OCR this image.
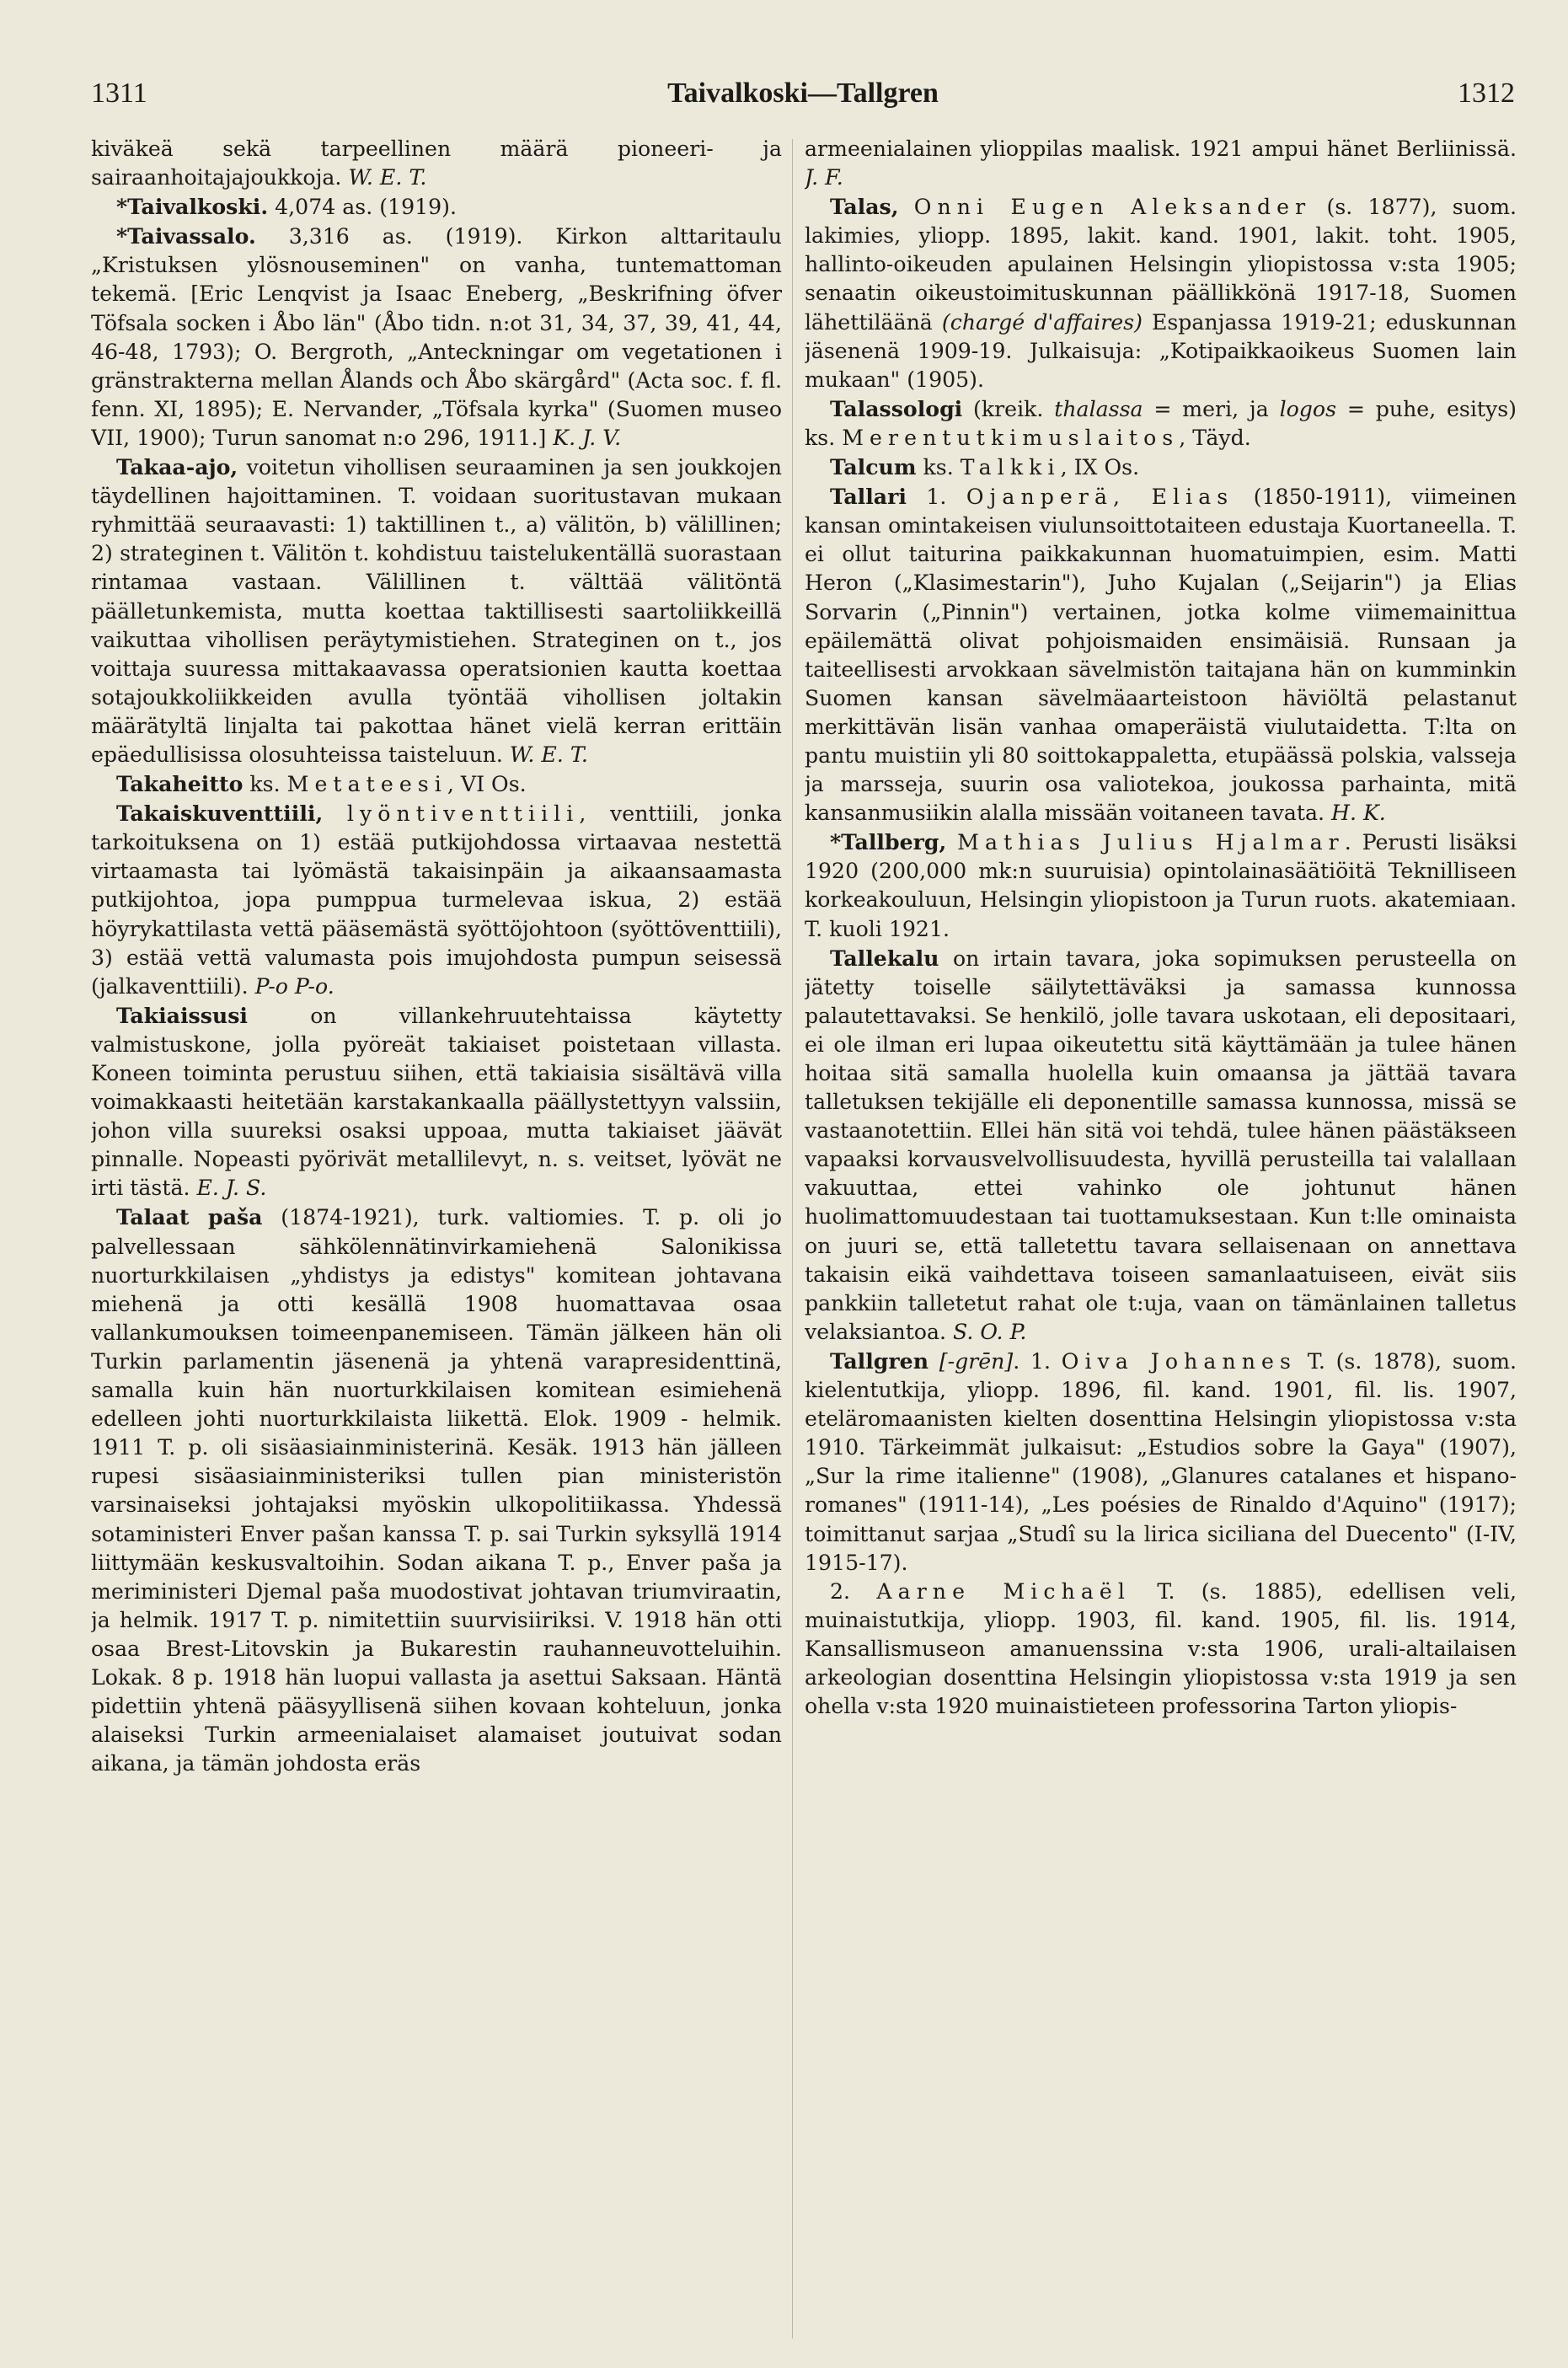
1311	Taivalkoski—Tallgren	1312

kiväkeä sekä tarpeellinen määrä pioneeri- ja sairaanhoitajajoukkoja. W. E. T.

*Taivalkoski. 4,074 as. (1919).

*Taivassalo. 3,316 as. (1919). Kirkon alttaritaulu „Kristuksen ylösnouseminen" on vanha, tuntemattoman tekemä. [Eric Lenqvist ja Isaac Eneberg, „Beskrifning öfver Töfsala socken i Åbo län" (Åbo tidn. n:ot 31, 34, 37, 39, 41, 44, 46-48, 1793); O. Bergroth, „Anteckningar om vegetationen i gränstrakterna mellan Ålands och Åbo skärgård" (Acta soc. f. fl. fenn. XI, 1895); E. Nervander, „Töfsala kyrka" (Suomen museo VII, 1900); Turun sanomat n:o 296, 1911.] K. J. V.

Takaa-ajo, voitetun vihollisen seuraaminen ja sen joukkojen täydellinen hajoittaminen. T. voidaan suoritustavan mukaan ryhmittää seuraavasti: 1) taktillinen t., a) välitön, b) välillinen; 2) strateginen t. Välitön t. kohdistuu taistelukentällä suorastaan rintamaa vastaan. Välillinen t. välttää välitöntä päälletunkemista, mutta koettaa taktillisesti saartoliikkeillä vaikuttaa vihollisen peräytymistiehen. Strateginen on t., jos voittaja suuressa mittakaavassa operatsionien kautta koettaa sotajoukkoliikkeiden avulla työntää vihollisen joltakin määrätyltä linjalta tai pakottaa hänet vielä kerran erittäin epäedullisissa olosuhteissa taisteluun. W. E. T.

Takaheitto ks. Metateesi, VI Os.

Takaiskuventtiili, lyöntiventtiili, venttiili, jonka tarkoituksena on 1) estää putkijohdossa virtaavaa nestettä virtaamasta tai lyömästä takaisinpäin ja aikaansaamasta putkijohtoa, jopa pumppua turmelevaa iskua, 2) estää höyrykattilasta vettä pääsemästä syöttöjohtoon (syöttöventtiili), 3) estää vettä valumasta pois imujohdosta pumpun seisessä (jalkaventtiili). P-o P-o.

Takiaissusi on villankehruutehtaissa käytetty valmistuskone, jolla pyöreät takiaiset poistetaan villasta. Koneen toiminta perustuu siihen, että takiaisia sisältävä villa voimakkaasti heitetään karstakankaalla päällystettyyn valssiin, johon villa suureksi osaksi uppoaa, mutta takiaiset jäävät pinnalle. Nopeasti pyörivät metallilevyt, n. s. veitset, lyövät ne irti tästä. E. J. S.

Talaat paša (1874-1921), turk. valtiomies. T. p. oli jo palvellessaan sähkölennätinvirkamiehenä Salonikissa nuorturkkilaisen „yhdistys ja edistys" komitean johtavana miehenä ja otti kesällä 1908 huomattavaa osaa vallankumouksen toimeenpanemiseen. Tämän jälkeen hän oli Turkin parlamentin jäsenenä ja yhtenä varapresidenttinä, samalla kuin hän nuorturkkilaisen komitean esimiehenä edelleen johti nuorturkkilaista liikettä. Elok. 1909 - helmik. 1911 T. p. oli sisäasiainministerinä. Kesäk. 1913 hän jälleen rupesi sisäasiainministeriksi tullen pian ministeristön varsinaiseksi johtajaksi myöskin ulkopolitiikassa. Yhdessä sotaministeri Enver pašan kanssa T. p. sai Turkin syksyllä 1914 liittymään keskusvaltoihin. Sodan aikana T. p., Enver paša ja meriministeri Djemal paša muodostivat johtavan triumviraatin, ja helmik. 1917 T. p. nimitettiin suurvisiiriksi. V. 1918 hän otti osaa Brest-Litovskin ja Bukarestin rauhanneuvotteluihin. Lokak. 8 p. 1918 hän luopui vallasta ja asettui Saksaan. Häntä pidettiin yhtenä pääsyyllisenä siihen kovaan kohteluun, jonka alaiseksi Turkin armeenialaiset alamaiset joutuivat sodan aikana, ja tämän johdosta eräs

armeenialainen ylioppilas maalisk. 1921 ampui hänet Berliinissä. J. F.

Talas, Onni Eugen Aleksander (s. 1877), suom. lakimies, yliopp. 1895, lakit. kand. 1901, lakit. toht. 1905, hallinto-oikeuden apulainen Helsingin yliopistossa v:sta 1905; senaatin oikeustoimituskunnan päällikkönä 1917-18, Suomen lähettiläänä (chargé d'affaires) Espanjassa 1919-21; eduskunnan jäsenenä 1909-19. Julkaisuja: „Kotipaikkaoikeus Suomen lain mukaan" (1905).

Talassologi (kreik. thalassa = meri, ja logos = puhe, esitys) ks. Merentutkimuslaitos, Täyd.

Talcum ks. Talkki, IX Os.

Tallari 1. Ojanperä, Elias (1850-1911), viimeinen kansan omintakeisen viulunsoittotaiteen edustaja Kuortaneella. T. ei ollut taiturina paikkakunnan huomatuimpien, esim. Matti Heron („Klasimestarin"), Juho Kujalan („Seijarin") ja Elias Sorvarin („Pinnin") vertainen, jotka kolme viimemainittua epäilemättä olivat pohjoismaiden ensimäisiä. Runsaan ja taiteellisesti arvokkaan sävelmistön taitajana hän on kumminkin Suomen kansan sävelmäaarteistoon häviöltä pelastanut merkittävän lisän vanhaa omaperäistä viulutaidetta. T:lta on pantu muistiin yli 80 soittokappaletta, etupäässä polskia, valsseja ja marsseja, suurin osa valiotekoa, joukossa parhainta, mitä kansanmusiikin alalla missään voitaneen tavata. H. K.

*Tallberg, Mathias Julius Hjalmar. Perusti lisäksi 1920 (200,000 mk:n suuruisia) opintolainasäätiöitä Teknilliseen korkeakouluun, Helsingin yliopistoon ja Turun ruots. akatemiaan. T. kuoli 1921.

Tallekalu on irtain tavara, joka sopimuksen perusteella on jätetty toiselle säilytettäväksi ja samassa kunnossa palautettavaksi. Se henkilö, jolle tavara uskotaan, eli depositaari, ei ole ilman eri lupaa oikeutettu sitä käyttämään ja tulee hänen hoitaa sitä samalla huolella kuin omaansa ja jättää tavara talletuksen tekijälle eli deponentille samassa kunnossa, missä se vastaanotettiin. Ellei hän sitä voi tehdä, tulee hänen päästäkseen vapaaksi korvausvelvollisuudesta, hyvillä perusteilla tai valallaan vakuuttaa, ettei vahinko ole johtunut hänen huolimattomuudestaan tai tuottamuksestaan. Kun t:lle ominaista on juuri se, että talletettu tavara sellaisenaan on annettava takaisin eikä vaihdettava toiseen samanlaatuiseen, eivät siis pankkiin talletetut rahat ole t:uja, vaan on tämänlainen talletus velaksiantoa. S. O. P.

Tallgren [-grēn]. 1. Oiva Johannes T. (s. 1878), suom. kielentutkija, yliopp. 1896, fil. kand. 1901, fil. lis. 1907, eteläromaanisten kielten dosenttina Helsingin yliopistossa v:sta 1910. Tärkeimmät julkaisut: „Estudios sobre la Gaya" (1907), „Sur la rime italienne" (1908), „Glanures catalanes et hispano-romanes" (1911-14), „Les poésies de Rinaldo d'Aquino" (1917); toimittanut sarjaa „Studî su la lirica siciliana del Duecento" (I-IV, 1915-17).

2. Aarne Michaël T. (s. 1885), edellisen veli, muinaistutkija, yliopp. 1903, fil. kand. 1905, fil. lis. 1914, Kansallismuseon amanuenssina v:sta 1906, urali-altailaisen arkeologian dosenttina Helsingin yliopistossa v:sta 1919 ja sen ohella v:sta 1920 muinaistieteen professorina Tarton yliopis-
